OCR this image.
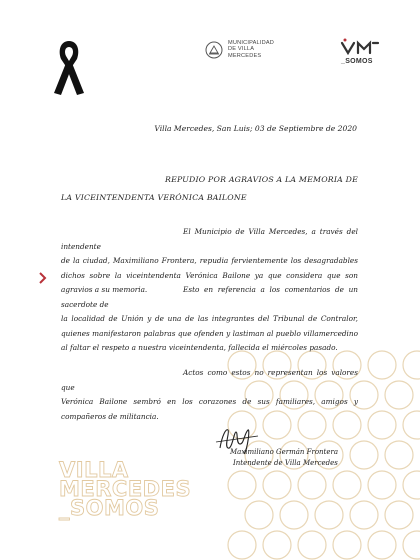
MUNICIPALIDAD
DE VILLA
MERCEDES
_SOMOS
Villa Mercedes, San Luis; 03 de Septiembre de 2020
REPUDIO POR AGRAVIOS A LA MEMORIA DE
LA VICEINTENDENTA VERÓNICA BAILONE
El Municipio de Villa Mercedes, a través del intendente
de la ciudad, Maximiliano Frontera, repudia fervientemente los desagradables dichos sobre la viceintendenta Verónica Bailone ya que considera que son agravios a su memoria.	Esto en referencia a los comentarios de un sacerdote de
la localidad de Unión y de una de las integrantes del Tribunal de Contralor, quienes manifestaron palabras que ofenden y lastiman al pueblo villamercedino al faltar el respeto a nuestra viceintendenta, fallecida el miércoles pasado.
Actos como estos no representan los valores que
Verónica Bailone sembró en los corazones de sus familiares, amigos y compañeros de militancia.
Maximiliano Germán Frontera
Intendente de Villa Mercedes
VILLA
MERCEDES
_SOMOS
